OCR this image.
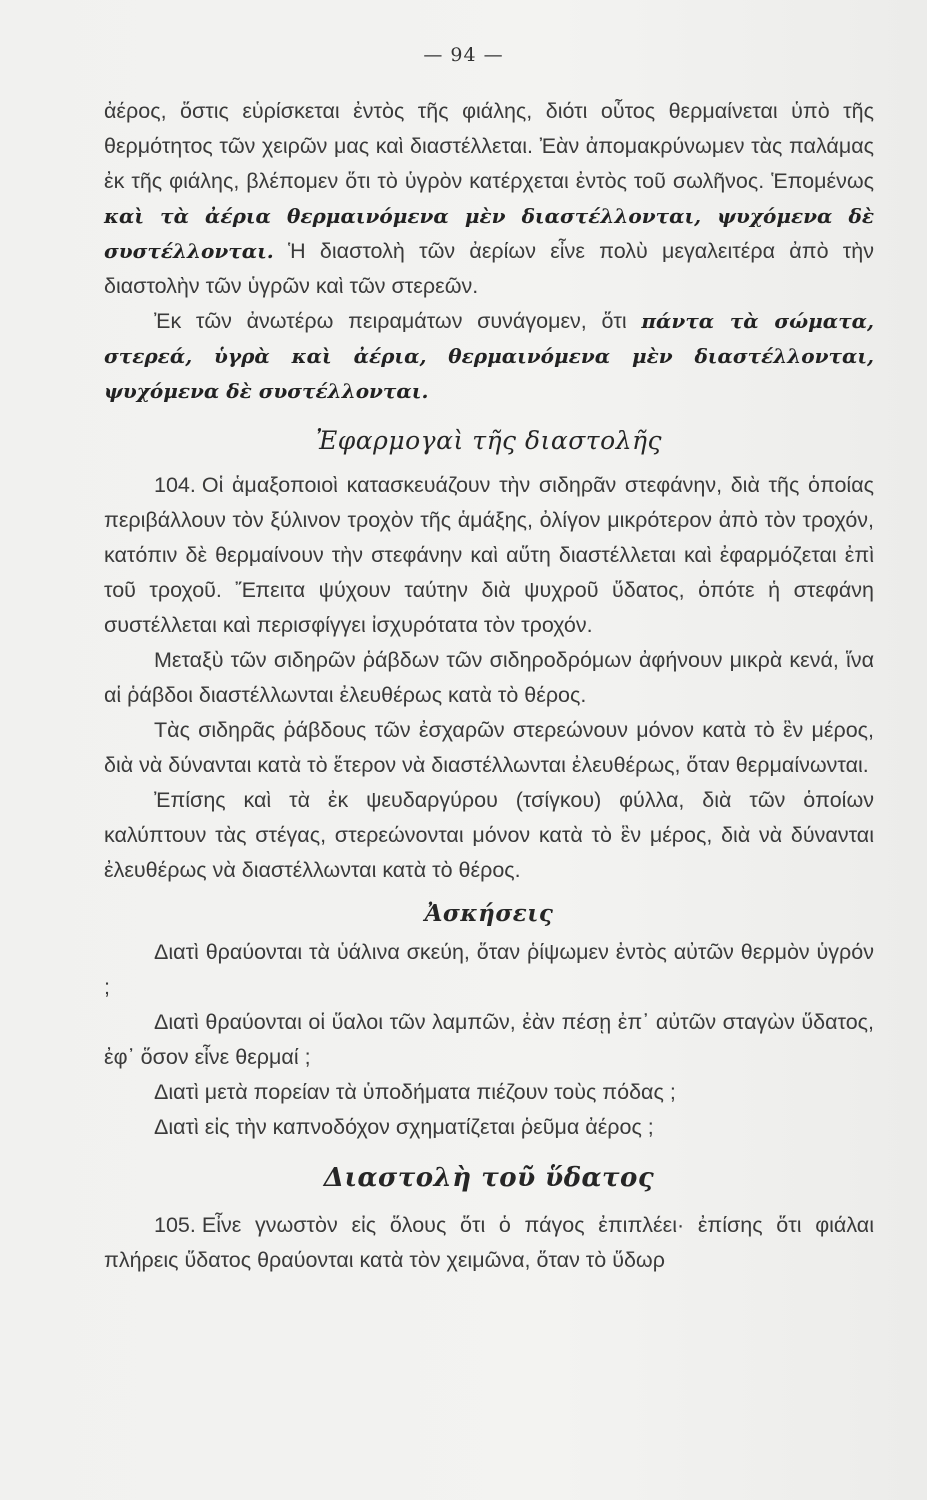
— 94 —

ἀέρος, ὅστις εὑρίσκεται ἐντὸς τῆς φιάλης, διότι οὗτος θερμαίνεται ὑπὸ τῆς θερμότητος τῶν χειρῶν μας καὶ διαστέλλεται. Ἐὰν ἀπομακρύνωμεν τὰς παλάμας ἐκ τῆς φιάλης, βλέπομεν ὅτι τὸ ὑγρὸν κατέρχεται ἐντὸς τοῦ σωλῆνος. Ἑπομένως καὶ τὰ ἀέρια θερμαινόμενα μὲν διαστέλλονται, ψυχόμενα δὲ συστέλλονται. Ἡ διαστολὴ τῶν ἀερίων εἶνε πολὺ μεγαλειτέρα ἀπὸ τὴν διαστολὴν τῶν ὑγρῶν καὶ τῶν στερεῶν.

Ἐκ τῶν ἀνωτέρω πειραμάτων συνάγομεν, ὅτι πάντα τὰ σώματα, στερεά, ὑγρὰ καὶ ἀέρια, θερμαινόμενα μὲν διαστέλλονται, ψυχόμενα δὲ συστέλλονται.

Ἐφαρμογαὶ τῆς διαστολῆς

104. Οἱ ἁμαξοποιοὶ κατασκευάζουν τὴν σιδηρᾶν στεφάνην, διὰ τῆς ὁποίας περιβάλλουν τὸν ξύλινον τροχὸν τῆς ἁμάξης, ὀλίγον μικρότερον ἀπὸ τὸν τροχόν, κατόπιν δὲ θερμαίνουν τὴν στεφάνην καὶ αὕτη διαστέλλεται καὶ ἐφαρμόζεται ἐπὶ τοῦ τροχοῦ. Ἔπειτα ψύχουν ταύτην διὰ ψυχροῦ ὕδατος, ὁπότε ἡ στεφάνη συστέλλεται καὶ περισφίγγει ἰσχυρότατα τὸν τροχόν.

Μεταξὺ τῶν σιδηρῶν ῥάβδων τῶν σιδηροδρόμων ἀφήνουν μικρὰ κενά, ἵνα αἱ ῥάβδοι διαστέλλωνται ἐλευθέρως κατὰ τὸ θέρος.

Τὰς σιδηρᾶς ῥάβδους τῶν ἐσχαρῶν στερεώνουν μόνον κατὰ τὸ ἓν μέρος, διὰ νὰ δύνανται κατὰ τὸ ἕτερον νὰ διαστέλλωνται ἐλευθέρως, ὅταν θερμαίνωνται.

Ἐπίσης καὶ τὰ ἐκ ψευδαργύρου (τσίγκου) φύλλα, διὰ τῶν ὁποίων καλύπτουν τὰς στέγας, στερεώνονται μόνον κατὰ τὸ ἓν μέρος, διὰ νὰ δύνανται ἐλευθέρως νὰ διαστέλλωνται κατὰ τὸ θέρος.

Ἀσκήσεις

Διατὶ θραύονται τὰ ὑάλινα σκεύη, ὅταν ῥίψωμεν ἐντὸς αὐτῶν θερμὸν ὑγρόν ;

Διατὶ θραύονται οἱ ὕαλοι τῶν λαμπῶν, ἐὰν πέσῃ ἐπ᾽ αὐτῶν σταγὼν ὕδατος, ἐφ᾽ ὅσον εἶνε θερμαί ;

Διατὶ μετὰ πορείαν τὰ ὑποδήματα πιέζουν τοὺς πόδας ;

Διατὶ εἰς τὴν καπνοδόχον σχηματίζεται ῥεῦμα ἀέρος ;

Διαστολὴ τοῦ ὕδατος

105. Εἶνε γνωστὸν εἰς ὅλους ὅτι ὁ πάγος ἐπιπλέει· ἐπίσης ὅτι φιάλαι πλήρεις ὕδατος θραύονται κατὰ τὸν χειμῶνα, ὅταν τὸ ὕδωρ
